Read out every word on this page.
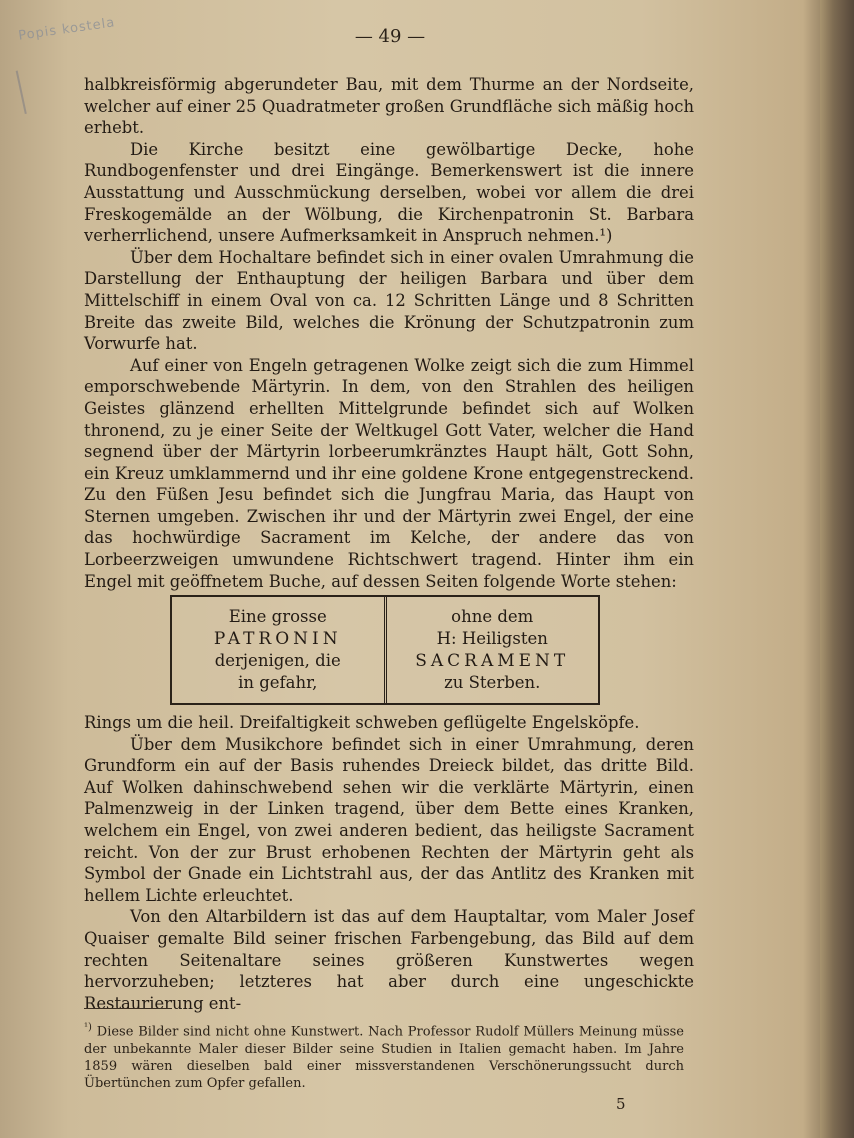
Popis kostela	— 49 —

halbkreisförmig abgerundeter Bau, mit dem Thurme an der Nordseite, welcher auf einer 25 Quadratmeter großen Grundfläche sich mäßig hoch erhebt.

Die Kirche besitzt eine gewölbartige Decke, hohe Rundbogenfenster und drei Eingänge. Bemerkenswert ist die innere Ausstattung und Ausschmückung derselben, wobei vor allem die drei Freskogemälde an der Wölbung, die Kirchenpatronin St. Barbara verherrlichend, unsere Aufmerksamkeit in Anspruch nehmen.¹)

Über dem Hochaltare befindet sich in einer ovalen Umrahmung die Darstellung der Enthauptung der heiligen Barbara und über dem Mittelschiff in einem Oval von ca. 12 Schritten Länge und 8 Schritten Breite das zweite Bild, welches die Krönung der Schutzpatronin zum Vorwurfe hat.

Auf einer von Engeln getragenen Wolke zeigt sich die zum Himmel emporschwebende Märtyrin. In dem, von den Strahlen des heiligen Geistes glänzend erhellten Mittelgrunde befindet sich auf Wolken thronend, zu je einer Seite der Weltkugel Gott Vater, welcher die Hand segnend über der Märtyrin lorbeerumkränztes Haupt hält, Gott Sohn, ein Kreuz umklammernd und ihr eine goldene Krone entgegenstreckend. Zu den Füßen Jesu befindet sich die Jungfrau Maria, das Haupt von Sternen umgeben. Zwischen ihr und der Märtyrin zwei Engel, der eine das hochwürdige Sacrament im Kelche, der andere das von Lorbeerzweigen umwundene Richtschwert tragend. Hinter ihm ein Engel mit geöffnetem Buche, auf dessen Seiten folgende Worte stehen:

Eine grosse
PATRONIN
derjenigen, die
in gefahr,
ohne dem
H: Heiligsten
SACRAMENT
zu Sterben.

Rings um die heil. Dreifaltigkeit schweben geflügelte Engelsköpfe.

Über dem Musikchore befindet sich in einer Umrahmung, deren Grundform ein auf der Basis ruhendes Dreieck bildet, das dritte Bild. Auf Wolken dahinschwebend sehen wir die verklärte Märtyrin, einen Palmenzweig in der Linken tragend, über dem Bette eines Kranken, welchem ein Engel, von zwei anderen bedient, das heiligste Sacrament reicht. Von der zur Brust erhobenen Rechten der Märtyrin geht als Symbol der Gnade ein Lichtstrahl aus, der das Antlitz des Kranken mit hellem Lichte erleuchtet.

Von den Altarbildern ist das auf dem Hauptaltar, vom Maler Josef Quaiser gemalte Bild seiner frischen Farbengebung, das Bild auf dem rechten Seitenaltare seines größeren Kunstwertes wegen hervorzuheben; letzteres hat aber durch eine ungeschickte Restaurierung ent-

$^{^1)}$ Diese Bilder sind nicht ohne Kunstwert. Nach Professor Rudolf Müllers Meinung müsse der unbekannte Maler dieser Bilder seine Studien in Italien gemacht haben. Im Jahre 1859 wären dieselben bald einer missverstandenen Verschönerungssucht durch Übertünchen zum Opfer gefallen.
5
